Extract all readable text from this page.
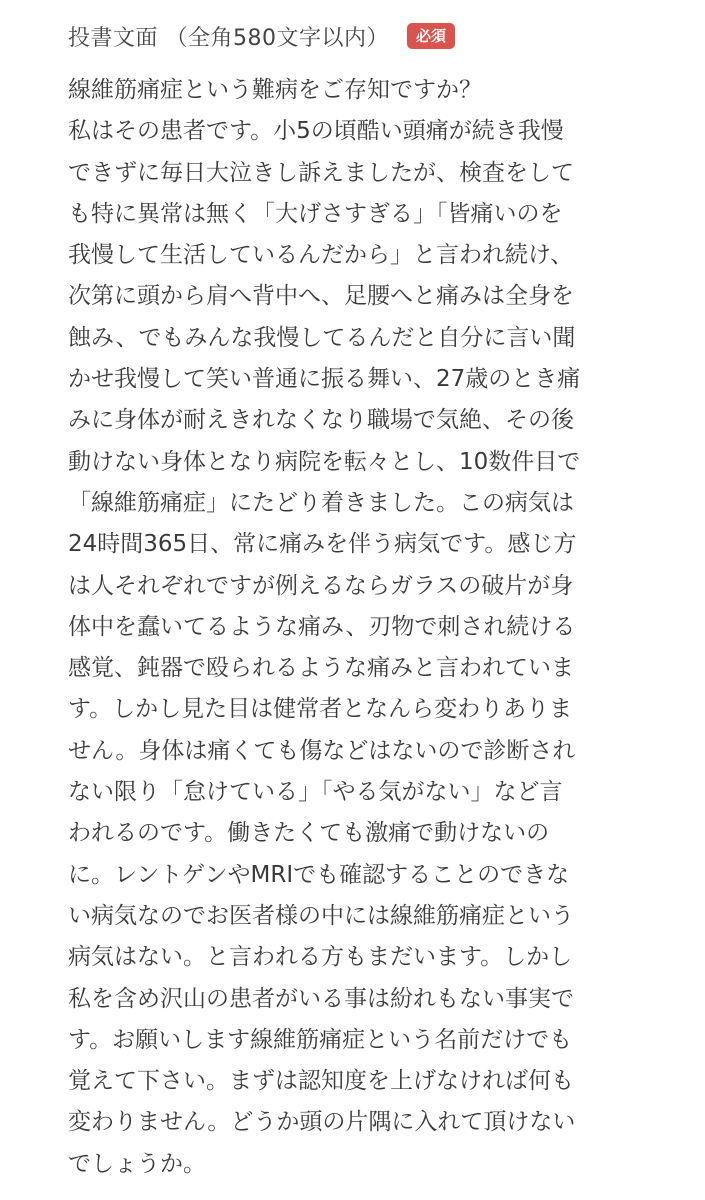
投書文面 （全角580文字以内）	必須
線維筋痛症という難病をご存知ですか？
私はその患者です。小5の頃酷い頭痛が続き我慢
できずに毎日大泣きし訴えましたが、検査をして
も特に異常は無く「大げさすぎる」「皆痛いのを
我慢して生活しているんだから」と言われ続け、
次第に頭から肩へ背中へ、足腰へと痛みは全身を
蝕み、でもみんな我慢してるんだと自分に言い聞
かせ我慢して笑い普通に振る舞い、27歳のとき痛
みに身体が耐えきれなくなり職場で気絶、その後
動けない身体となり病院を転々とし、10数件目で
「線維筋痛症」にたどり着きました。この病気は
24時間365日、常に痛みを伴う病気です。感じ方
は人それぞれですが例えるならガラスの破片が身
体中を蠢いてるような痛み、刃物で刺され続ける
感覚、鈍器で殴られるような痛みと言われていま
す。しかし見た目は健常者となんら変わりありま
せん。身体は痛くても傷などはないので診断され
ない限り「怠けている」「やる気がない」など言
われるのです。働きたくても激痛で動けないの
に。レントゲンやMRIでも確認することのできな
い病気なのでお医者様の中には線維筋痛症という
病気はない。と言われる方もまだいます。しかし
私を含め沢山の患者がいる事は紛れもない事実で
す。お願いします線維筋痛症という名前だけでも
覚えて下さい。まずは認知度を上げなければ何も
変わりません。どうか頭の片隅に入れて頂けない
でしょうか。
